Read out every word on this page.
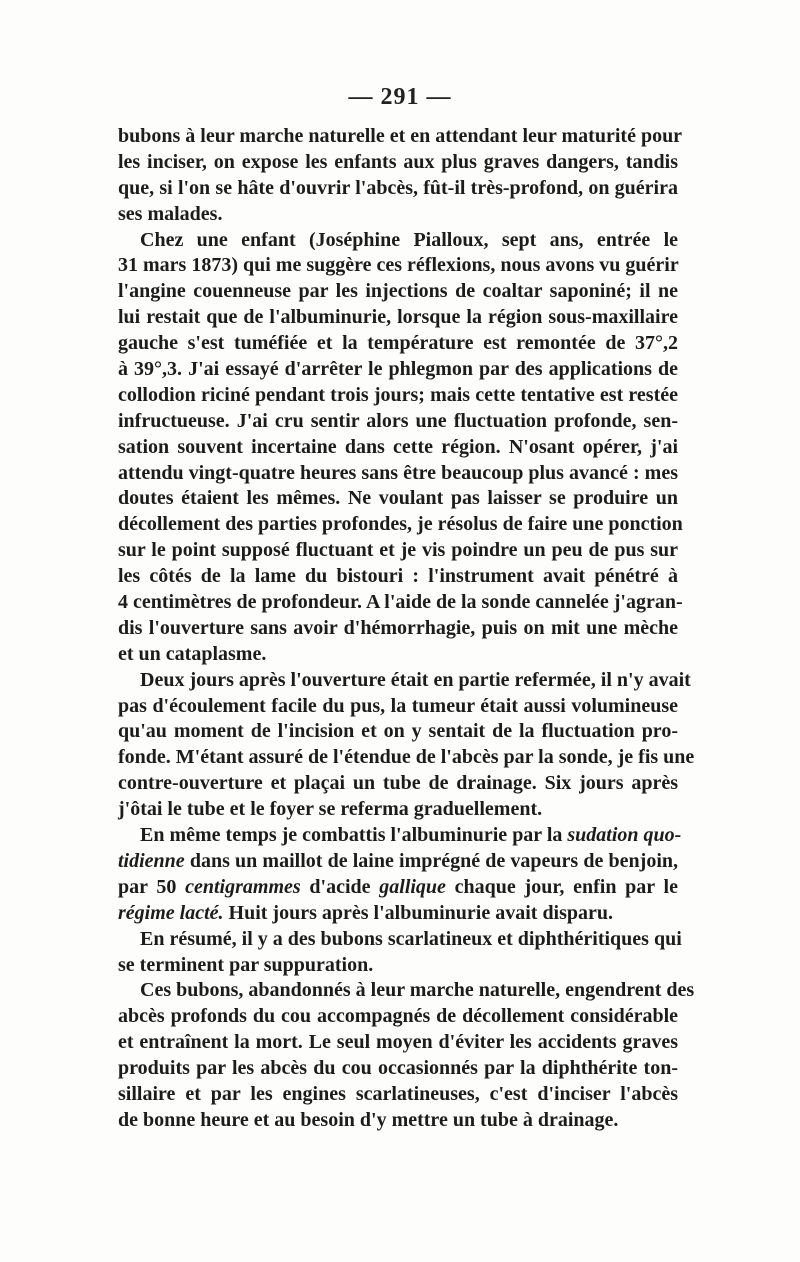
— 291 —
bubons à leur marche naturelle et en attendant leur maturité pour
les inciser, on expose les enfants aux plus graves dangers, tandis
que, si l'on se hâte d'ouvrir l'abcès, fût-il très-profond, on guérira
ses malades.
Chez une enfant (Joséphine Pialloux, sept ans, entrée le
31 mars 1873) qui me suggère ces réflexions, nous avons vu guérir
l'angine couenneuse par les injections de coaltar saponiné; il ne
lui restait que de l'albuminurie, lorsque la région sous-maxillaire
gauche s'est tuméfiée et la température est remontée de 37°,2
à 39°,3. J'ai essayé d'arrêter le phlegmon par des applications de
collodion riciné pendant trois jours; mais cette tentative est restée
infructueuse. J'ai cru sentir alors une fluctuation profonde, sen-
sation souvent incertaine dans cette région. N'osant opérer, j'ai
attendu vingt-quatre heures sans être beaucoup plus avancé : mes
doutes étaient les mêmes. Ne voulant pas laisser se produire un
décollement des parties profondes, je résolus de faire une ponction
sur le point supposé fluctuant et je vis poindre un peu de pus sur
les côtés de la lame du bistouri : l'instrument avait pénétré à
4 centimètres de profondeur. A l'aide de la sonde cannelée j'agran-
dis l'ouverture sans avoir d'hémorrhagie, puis on mit une mèche
et un cataplasme.
Deux jours après l'ouverture était en partie refermée, il n'y avait
pas d'écoulement facile du pus, la tumeur était aussi volumineuse
qu'au moment de l'incision et on y sentait de la fluctuation pro-
fonde. M'étant assuré de l'étendue de l'abcès par la sonde, je fis une
contre-ouverture et plaçai un tube de drainage. Six jours après
j'ôtai le tube et le foyer se referma graduellement.
En même temps je combattis l'albuminurie par la sudation quo-
tidienne dans un maillot de laine imprégné de vapeurs de benjoin,
par 50 centigrammes d'acide gallique chaque jour, enfin par le
régime lacté. Huit jours après l'albuminurie avait disparu.
En résumé, il y a des bubons scarlatineux et diphthéritiques qui
se terminent par suppuration.
Ces bubons, abandonnés à leur marche naturelle, engendrent des
abcès profonds du cou accompagnés de décollement considérable
et entraînent la mort. Le seul moyen d'éviter les accidents graves
produits par les abcès du cou occasionnés par la diphthérite ton-
sillaire et par les engines scarlatineuses, c'est d'inciser l'abcès
de bonne heure et au besoin d'y mettre un tube à drainage.
